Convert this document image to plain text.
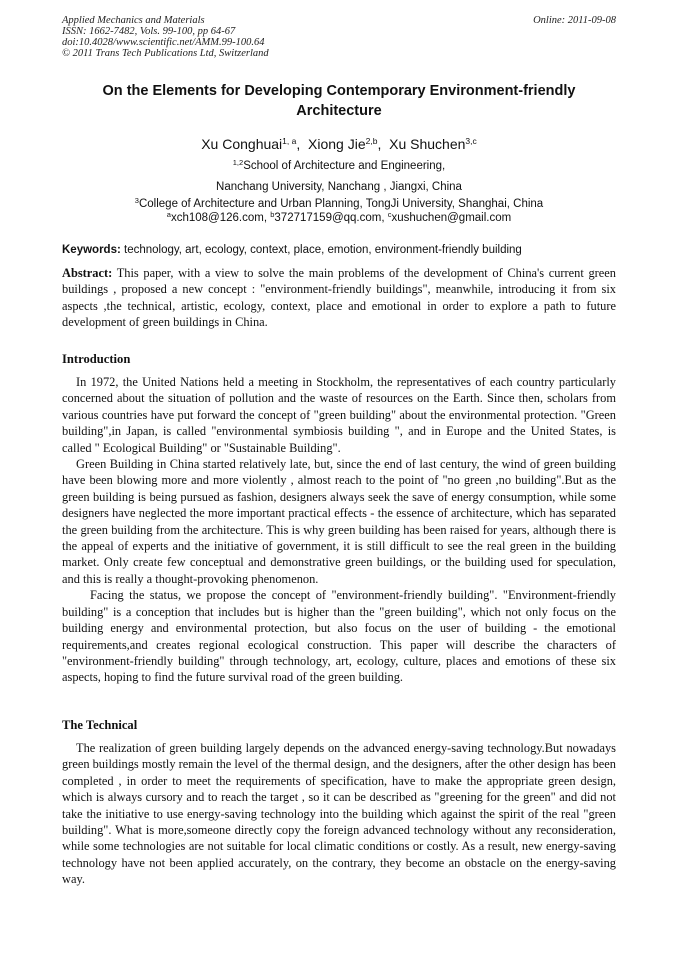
Applied Mechanics and Materials
ISSN: 1662-7482, Vols. 99-100, pp 64-67
doi:10.4028/www.scientific.net/AMM.99-100.64
© 2011 Trans Tech Publications Ltd, Switzerland
Online: 2011-09-08
On the Elements for Developing Contemporary Environment-friendly Architecture
Xu Conghuai$^{1, a}$,  Xiong Jie$^{2,b}$,  Xu Shuchen$^{3,c}$
$^{1,2}$School of Architecture and Engineering,
Nanchang University, Nanchang , Jiangxi, China
$^3$College of Architecture and Urban Planning, TongJi University, Shanghai, China
$^a$xch108@126.com, $^b$372717159@qq.com, $^c$xushuchen@gmail.com
Keywords: technology, art, ecology, context, place, emotion, environment-friendly building

Abstract: This paper, with a view to solve the main problems of the development of China's current green buildings , proposed a new concept : "environment-friendly buildings", meanwhile, introducing it from six aspects ,the technical, artistic, ecology, context, place and emotional in order to explore a path to future development of green buildings in China.

Introduction

In 1972, the United Nations held a meeting in Stockholm, the representatives of each country particularly concerned about the situation of pollution and the waste of resources on the Earth. Since then, scholars from various countries have put forward the concept of "green building" about the environmental protection. "Green building",in Japan, is called "environmental symbiosis building ", and in Europe and the United States, is called " Ecological Building" or "Sustainable Building".

Green Building in China started relatively late, but, since the end of last century, the wind of green building have been blowing more and more violently , almost reach to the point of "no green ,no building".But as the green building is being pursued as fashion, designers always seek the save of energy consumption, while some designers have neglected the more important practical effects - the essence of architecture, which has separated the green building from the architecture. This is why green building has been raised for years, although there is the appeal of experts and the initiative of government, it is still difficult to see the real green in the building market. Only create few conceptual and demonstrative green buildings, or the building used for speculation, and this is really a thought-provoking phenomenon.

Facing the status, we propose the concept of "environment-friendly building". "Environment-friendly building" is a conception that includes but is higher than the "green building", which not only focus on the building energy and environmental protection, but also focus on the user of building - the emotional requirements,and creates regional ecological construction. This paper will describe the characters of "environment-friendly building" through technology, art, ecology, culture, places and emotions of these six aspects, hoping to find the future survival road of the green building.

The Technical

The realization of green building largely depends on the advanced energy-saving technology.But nowadays green buildings mostly remain the level of the thermal design, and the designers, after the other design has been completed , in order to meet the requirements of specification, have to make the appropriate green design, which is always cursory and to reach the target , so it can be described as "greening for the green" and did not take the initiative to use energy-saving technology into the building which against the spirit of the real "green building". What is more,someone directly copy the foreign advanced technology without any reconsideration, while some technologies are not suitable for local climatic conditions or costly. As a result, new energy-saving technology have not been applied accurately, on the contrary, they become an obstacle on the energy-saving way.
